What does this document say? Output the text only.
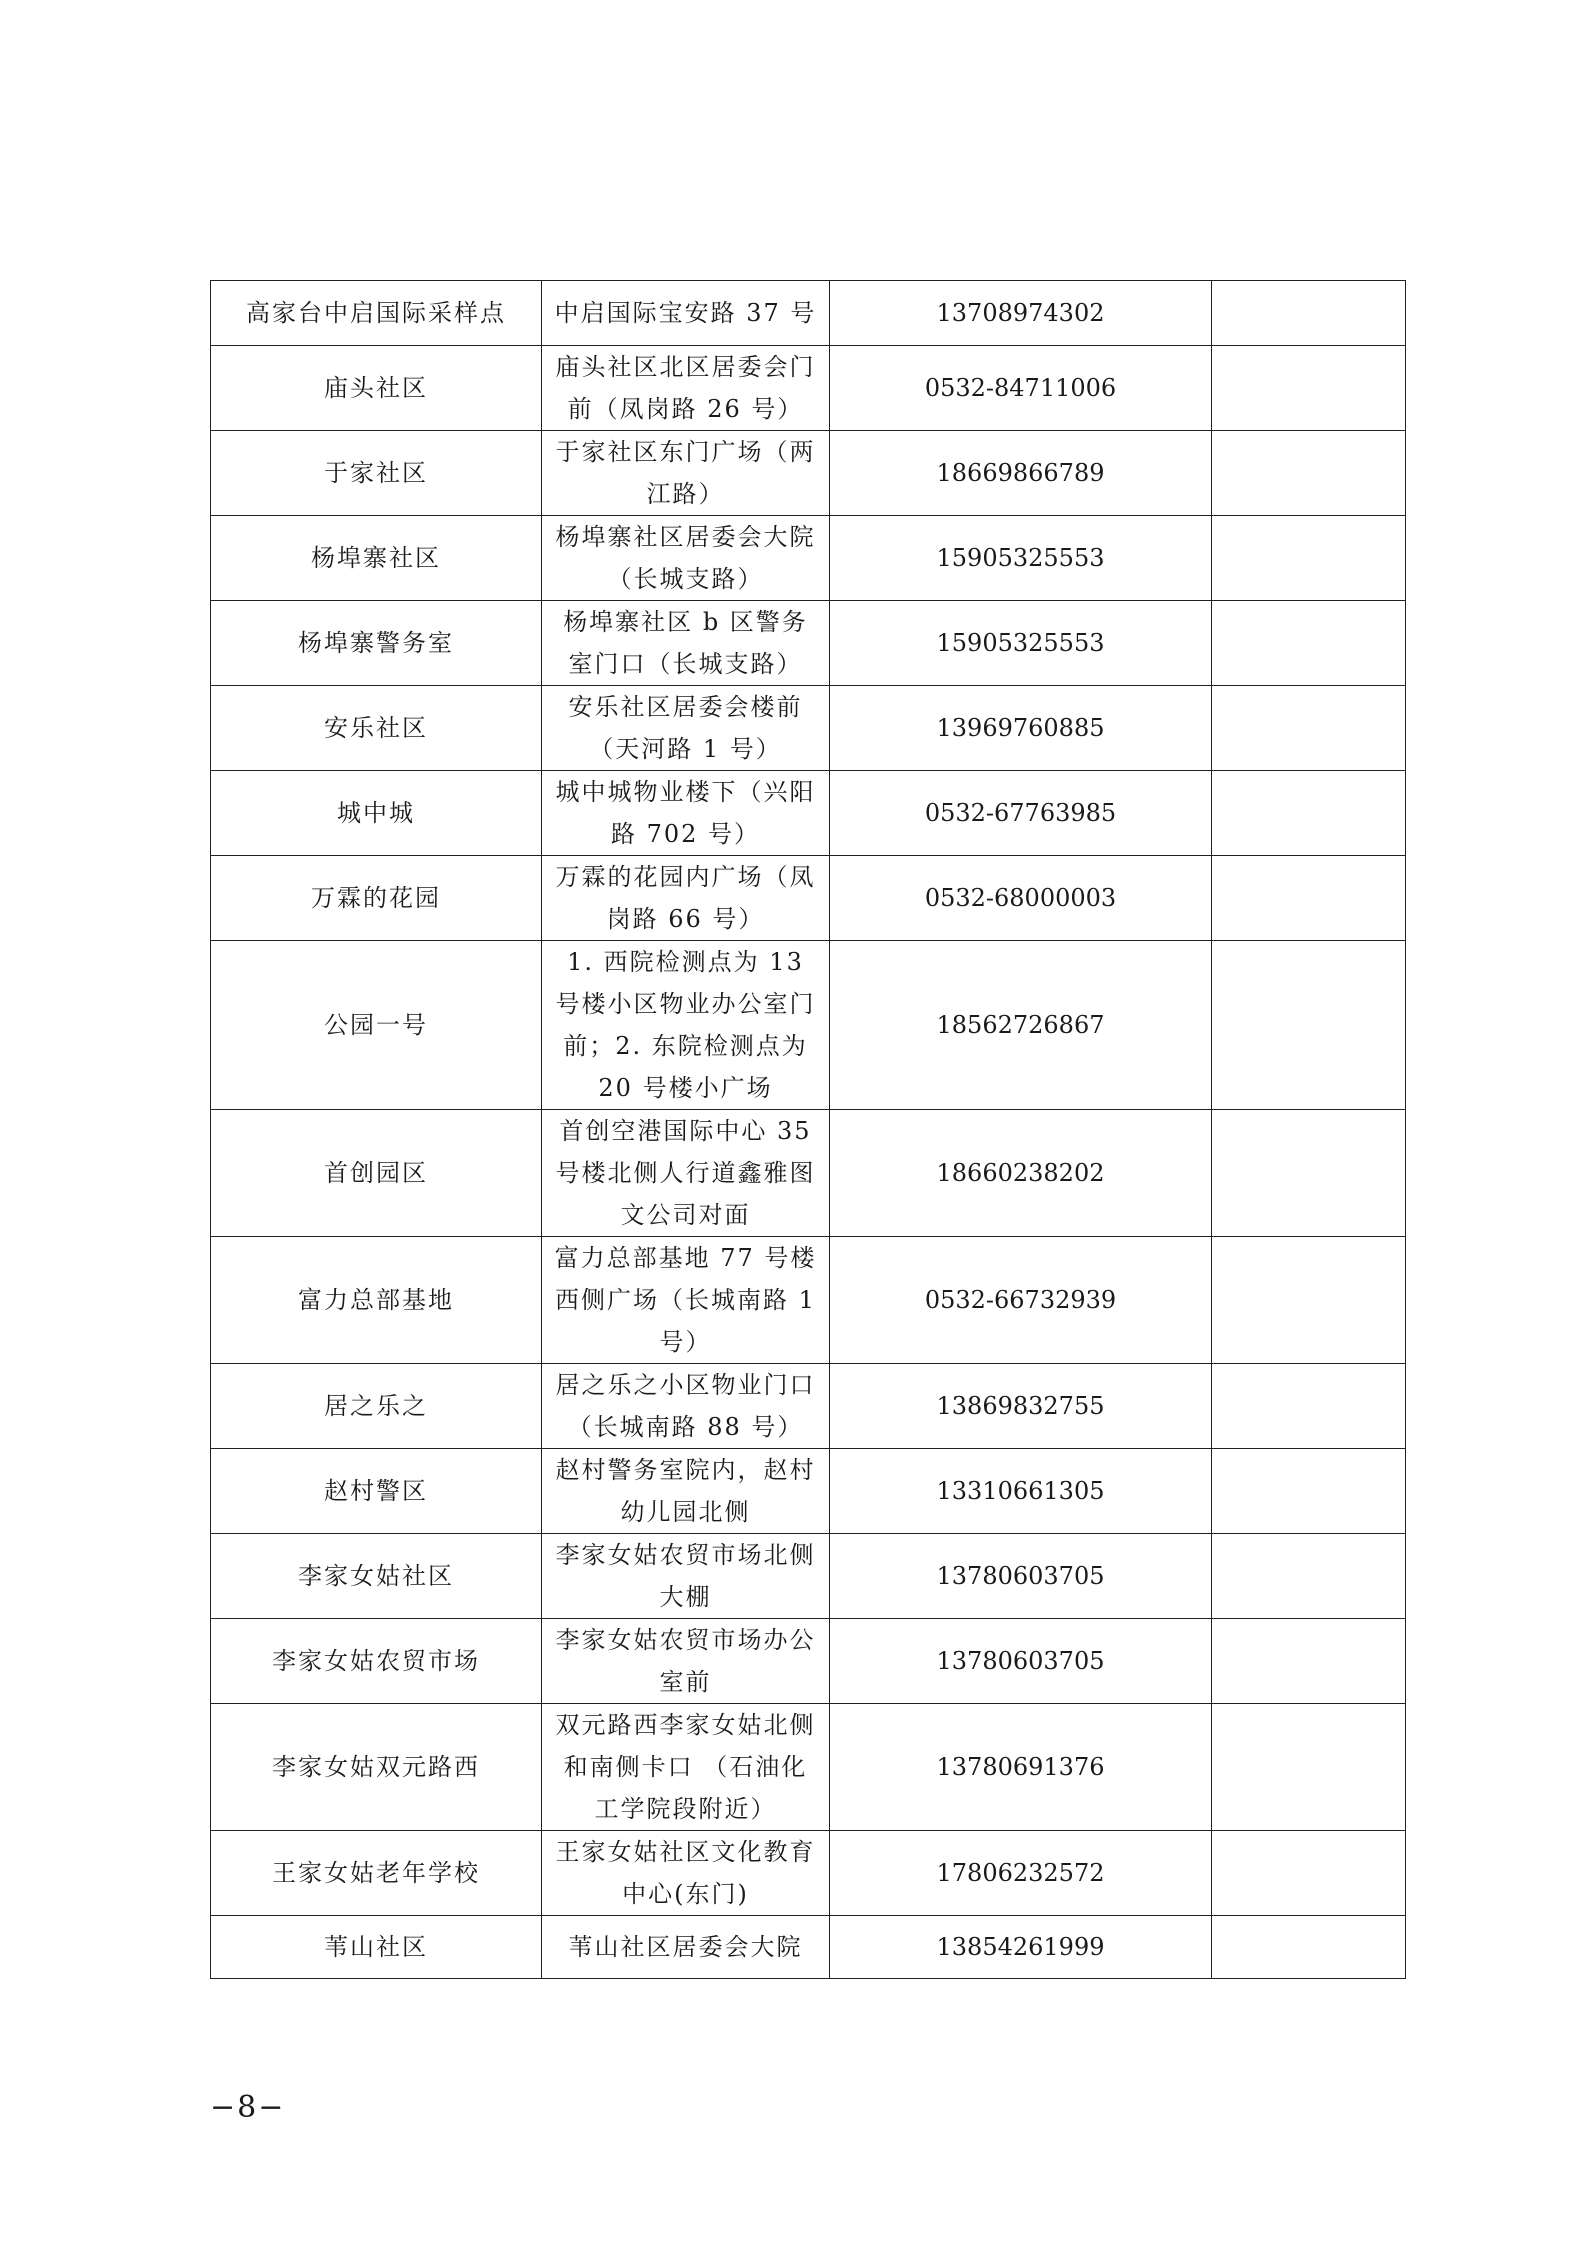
高家台中启国际采样点	中启国际宝安路 37 号	13708974302	
庙头社区	庙头社区北区居委会门前（凤岗路 26 号）	0532-84711006	
于家社区	于家社区东门广场（两江路）	18669866789	
杨埠寨社区	杨埠寨社区居委会大院（长城支路）	15905325553	
杨埠寨警务室	杨埠寨社区 b 区警务室门口（长城支路）	15905325553	
安乐社区	安乐社区居委会楼前（天河路 1 号）	13969760885	
城中城	城中城物业楼下（兴阳路 702 号）	0532-67763985	
万霖的花园	万霖的花园内广场（凤岗路 66 号）	0532-68000003	
公园一号	1. 西院检测点为 13 号楼小区物业办公室门前；2. 东院检测点为 20 号楼小广场	18562726867	
首创园区	首创空港国际中心 35 号楼北侧人行道鑫雅图文公司对面	18660238202	
富力总部基地	富力总部基地 77 号楼西侧广场（长城南路 1 号）	0532-66732939	
居之乐之	居之乐之小区物业门口（长城南路 88 号）	13869832755	
赵村警区	赵村警务室院内，赵村幼儿园北侧	13310661305	
李家女姑社区	李家女姑农贸市场北侧大棚	13780603705	
李家女姑农贸市场	李家女姑农贸市场办公室前	13780603705	
李家女姑双元路西	双元路西李家女姑北侧和南侧卡口 （石油化工学院段附近）	13780691376	
王家女姑老年学校	王家女姑社区文化教育中心(东门)	17806232572	
苇山社区	苇山社区居委会大院	13854261999	
−8−
